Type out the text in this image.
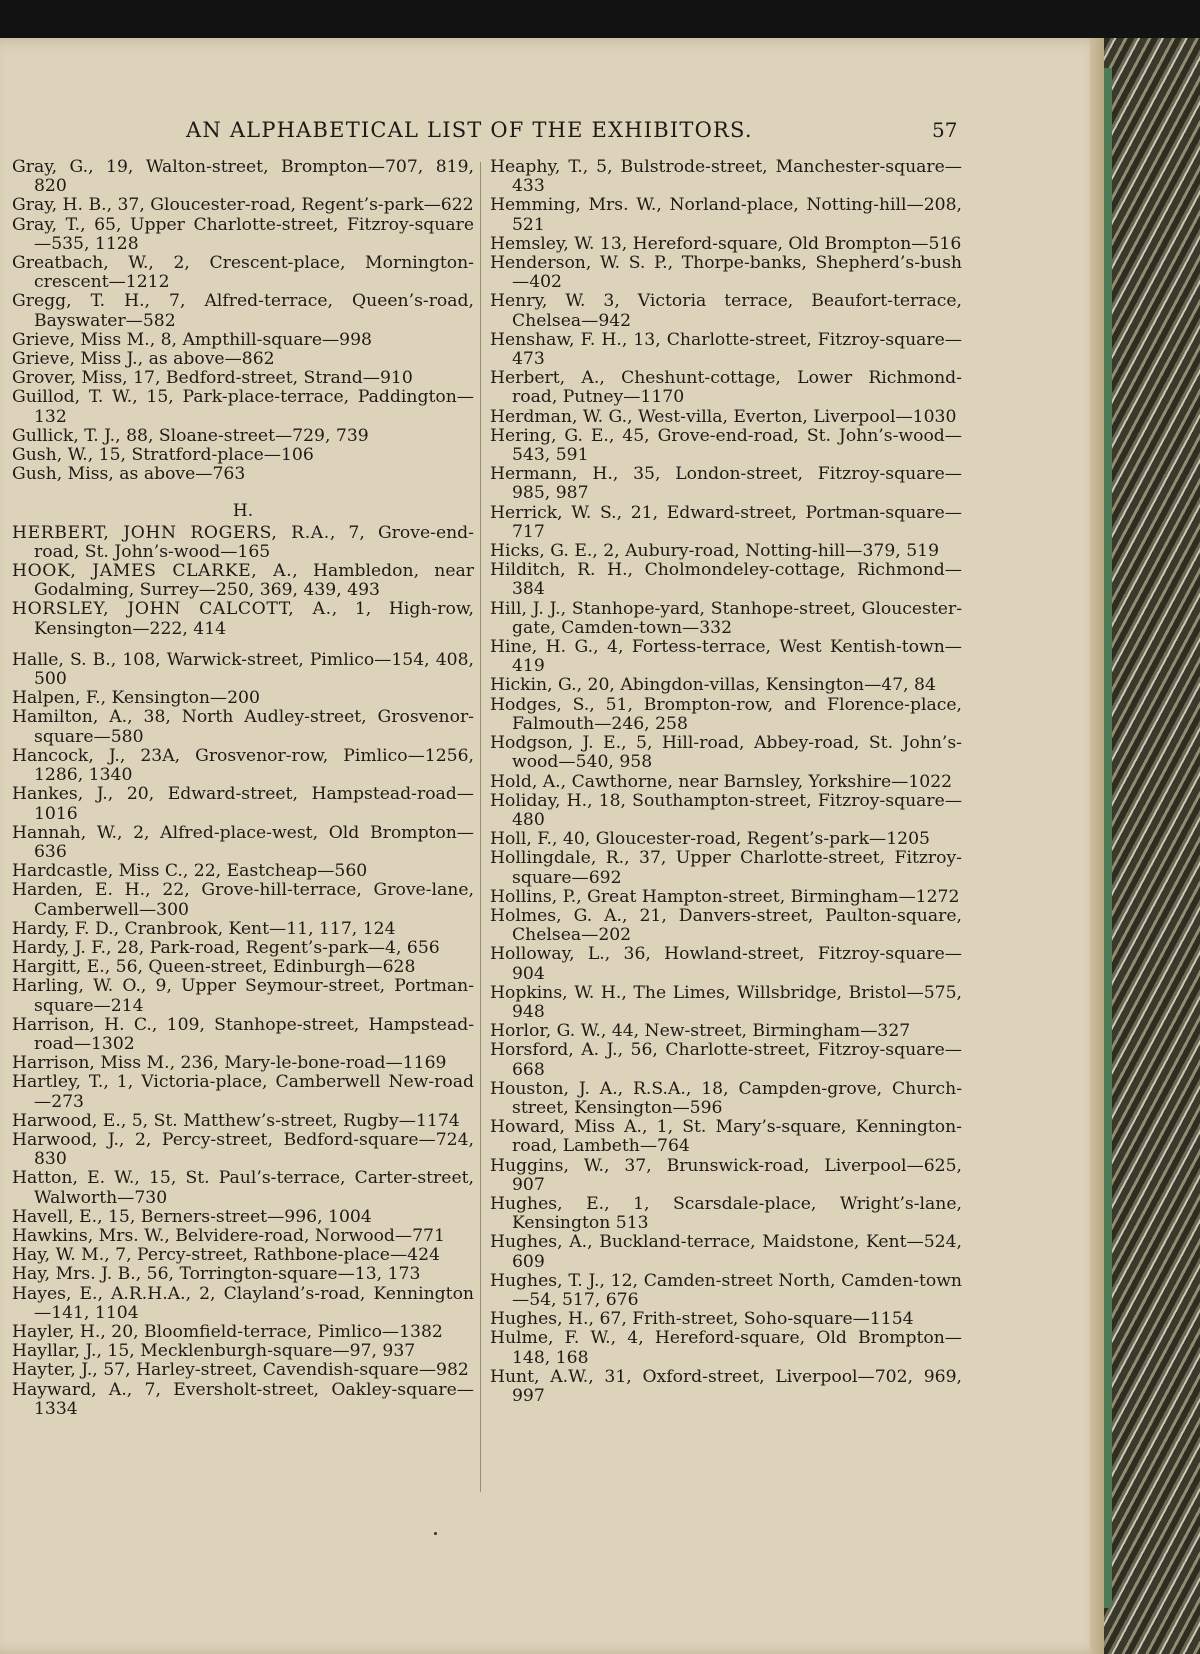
AN ALPHABETICAL LIST OF THE EXHIBITORS.	57

Gray, G., 19, Walton-street, Brompton—707, 819, 820

Gray, H. B., 37, Gloucester-road, Regent’s-park—622

Gray, T., 65, Upper Charlotte-street, Fitzroy-square—535, 1128

Greatbach, W., 2, Crescent-place, Mornington-crescent—1212

Gregg, T. H., 7, Alfred-terrace, Queen’s-road, Bayswater—582

Grieve, Miss M., 8, Ampthill-square—998

Grieve, Miss J., as above—862

Grover, Miss, 17, Bedford-street, Strand—910

Guillod, T. W., 15, Park-place-terrace, Paddington—132

Gullick, T. J., 88, Sloane-street—729, 739

Gush, W., 15, Stratford-place—106

Gush, Miss, as above—763

H.

HERBERT, JOHN ROGERS, R.A., 7, Grove-end-road, St. John’s-wood—165

HOOK, JAMES CLARKE, A., Hambledon, near Godalming, Surrey—250, 369, 439, 493

HORSLEY, JOHN CALCOTT, A., 1, High-row, Kensington—222, 414

Halle, S. B., 108, Warwick-street, Pimlico—154, 408, 500

Halpen, F., Kensington—200

Hamilton, A., 38, North Audley-street, Grosvenor-square—580

Hancock, J., 23A, Grosvenor-row, Pimlico—1256, 1286, 1340

Hankes, J., 20, Edward-street, Hampstead-road—1016

Hannah, W., 2, Alfred-place-west, Old Brompton—636

Hardcastle, Miss C., 22, Eastcheap—560

Harden, E. H., 22, Grove-hill-terrace, Grove-lane, Camberwell—300

Hardy, F. D., Cranbrook, Kent—11, 117, 124

Hardy, J. F., 28, Park-road, Regent’s-park—4, 656

Hargitt, E., 56, Queen-street, Edinburgh—628

Harling, W. O., 9, Upper Seymour-street, Portman-square—214

Harrison, H. C., 109, Stanhope-street, Hampstead-road—1302

Harrison, Miss M., 236, Mary-le-bone-road—1169

Hartley, T., 1, Victoria-place, Camberwell New-road—273

Harwood, E., 5, St. Matthew’s-street, Rugby—1174

Harwood, J., 2, Percy-street, Bedford-square—724, 830

Hatton, E. W., 15, St. Paul’s-terrace, Carter-street, Walworth—730

Havell, E., 15, Berners-street—996, 1004

Hawkins, Mrs. W., Belvidere-road, Norwood—771

Hay, W. M., 7, Percy-street, Rathbone-place—424

Hay, Mrs. J. B., 56, Torrington-square—13, 173

Hayes, E., A.R.H.A., 2, Clayland’s-road, Kennington—141, 1104

Hayler, H., 20, Bloomfield-terrace, Pimlico—1382

Hayllar, J., 15, Mecklenburgh-square—97, 937

Hayter, J., 57, Harley-street, Cavendish-square—982

Hayward, A., 7, Eversholt-street, Oakley-square—1334

Heaphy, T., 5, Bulstrode-street, Manchester-square—433

Hemming, Mrs. W., Norland-place, Notting-hill—208, 521

Hemsley, W. 13, Hereford-square, Old Brompton—516

Henderson, W. S. P., Thorpe-banks, Shepherd’s-bush—402

Henry, W. 3, Victoria terrace, Beaufort-terrace, Chelsea—942

Henshaw, F. H., 13, Charlotte-street, Fitzroy-square—473

Herbert, A., Cheshunt-cottage, Lower Richmond-road, Putney—1170

Herdman, W. G., West-villa, Everton, Liverpool—1030

Hering, G. E., 45, Grove-end-road, St. John’s-wood—543, 591

Hermann, H., 35, London-street, Fitzroy-square—985, 987

Herrick, W. S., 21, Edward-street, Portman-square—717

Hicks, G. E., 2, Aubury-road, Notting-hill—379, 519

Hilditch, R. H., Cholmondeley-cottage, Richmond—384

Hill, J. J., Stanhope-yard, Stanhope-street, Gloucester-gate, Camden-town—332

Hine, H. G., 4, Fortess-terrace, West Kentish-town—419

Hickin, G., 20, Abingdon-villas, Kensington—47, 84

Hodges, S., 51, Brompton-row, and Florence-place, Falmouth—246, 258

Hodgson, J. E., 5, Hill-road, Abbey-road, St. John’s-wood—540, 958

Hold, A., Cawthorne, near Barnsley, Yorkshire—1022

Holiday, H., 18, Southampton-street, Fitzroy-square—480

Holl, F., 40, Gloucester-road, Regent’s-park—1205

Hollingdale, R., 37, Upper Charlotte-street, Fitzroy-square—692

Hollins, P., Great Hampton-street, Birmingham—1272

Holmes, G. A., 21, Danvers-street, Paulton-square, Chelsea—202

Holloway, L., 36, Howland-street, Fitzroy-square—904

Hopkins, W. H., The Limes, Willsbridge, Bristol—575, 948

Horlor, G. W., 44, New-street, Birmingham—327

Horsford, A. J., 56, Charlotte-street, Fitzroy-square—668

Houston, J. A., R.S.A., 18, Campden-grove, Church-street, Kensington—596

Howard, Miss A., 1, St. Mary’s-square, Kennington-road, Lambeth—764

Huggins, W., 37, Brunswick-road, Liverpool—625, 907

Hughes, E., 1, Scarsdale-place, Wright’s-lane, Kensington 513

Hughes, A., Buckland-terrace, Maidstone, Kent—524, 609

Hughes, T. J., 12, Camden-street North, Camden-town—54, 517, 676

Hughes, H., 67, Frith-street, Soho-square—1154

Hulme, F. W., 4, Hereford-square, Old Brompton—148, 168

Hunt, A.W., 31, Oxford-street, Liverpool—702, 969, 997
